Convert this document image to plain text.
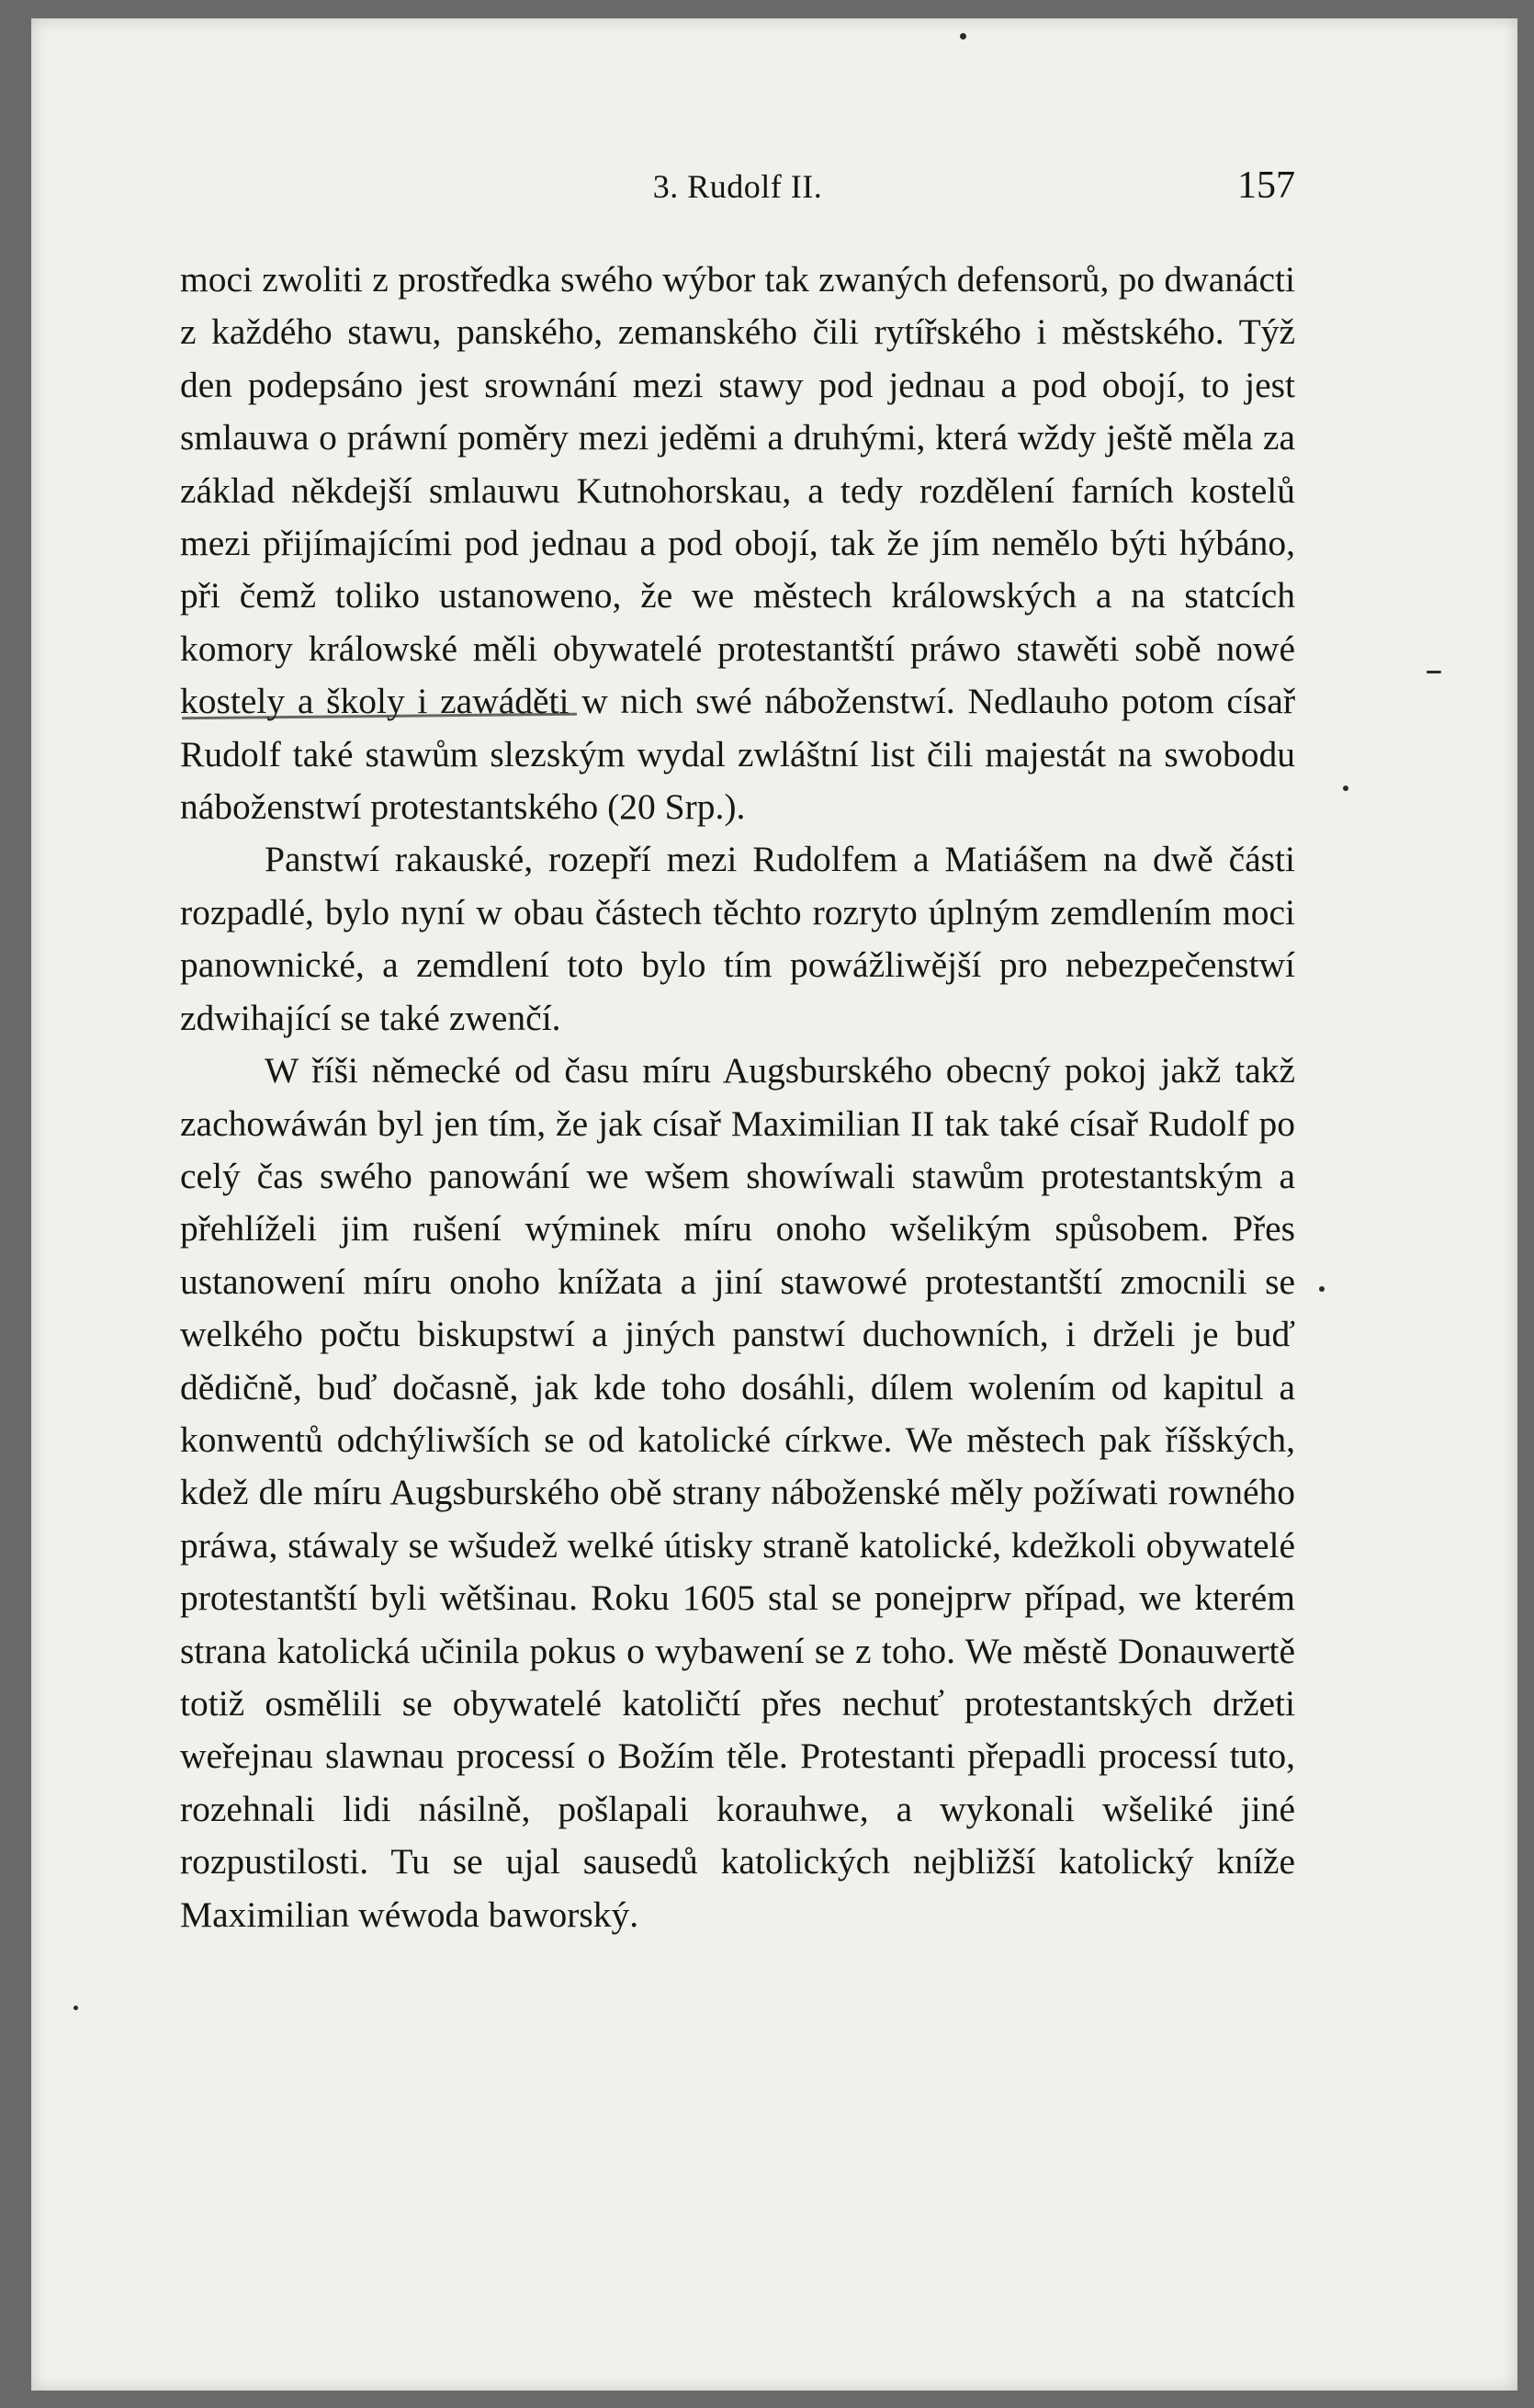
3. Rudolf II.	157

moci zwoliti z prostředka swého wýbor tak zwaných defensorů, po dwanácti z každého stawu, panského, zemanského čili rytířského i městského. Týž den podepsáno jest srownání mezi stawy pod jednau a pod obojí, to jest smlauwa o práwní poměry mezi jeděmi a druhými, která wždy ještě měla za základ někdejší smlauwu Kutnohorskau, a tedy rozdělení farních kostelů mezi přijímajícími pod jednau a pod obojí, tak že jím nemělo býti hýbáno, při čemž toliko ustanoweno, že we městech králowských a na statcích komory králowské měli obywatelé protestantští práwo stawěti sobě nowé kostely a školy i zawáděti w nich swé náboženstwí. Nedlauho potom císař Rudolf také stawům slezským wydal zwláštní list čili majestát na swobodu náboženstwí protestantského (20 Srp.).

Panstwí rakauské, rozepří mezi Rudolfem a Matiášem na dwě části rozpadlé, bylo nyní w obau částech těchto rozryto úplným zemdlením moci panownické, a zemdlení toto bylo tím powážliwější pro nebezpečenstwí zdwihající se také zwenčí.

W říši německé od času míru Augsburského obecný pokoj jakž takž zachowáwán byl jen tím, že jak císař Maximilian II tak také císař Rudolf po celý čas swého panowání we wšem showíwali stawům protestantským a přehlíželi jim rušení wýminek míru onoho wšelikým spůsobem. Přes ustanowení míru onoho knížata a jiní stawowé protestantští zmocnili se welkého počtu biskupstwí a jiných panstwí duchowních, i drželi je buď dědičně, buď dočasně, jak kde toho dosáhli, dílem wolením od kapitul a konwentů odchýliwších se od katolické církwe. We městech pak říšských, kdež dle míru Augsburského obě strany náboženské měly požíwati rowného práwa, stáwaly se wšudež welké útisky straně katolické, kdežkoli obywatelé protestantští byli wětšinau. Roku 1605 stal se ponejprw případ, we kterém strana katolická učinila pokus o wybawení se z toho. We městě Donauwertě totiž osmělili se obywatelé katoličtí přes nechuť protestantských držeti weřejnau slawnau processí o Božím těle. Protestanti přepadli processí tuto, rozehnali lidi násilně, pošlapali korauhwe, a wykonali wšeliké jiné rozpustilosti. Tu se ujal sausedů katolických nejbližší katolický kníže Maximilian wéwoda baworský.
